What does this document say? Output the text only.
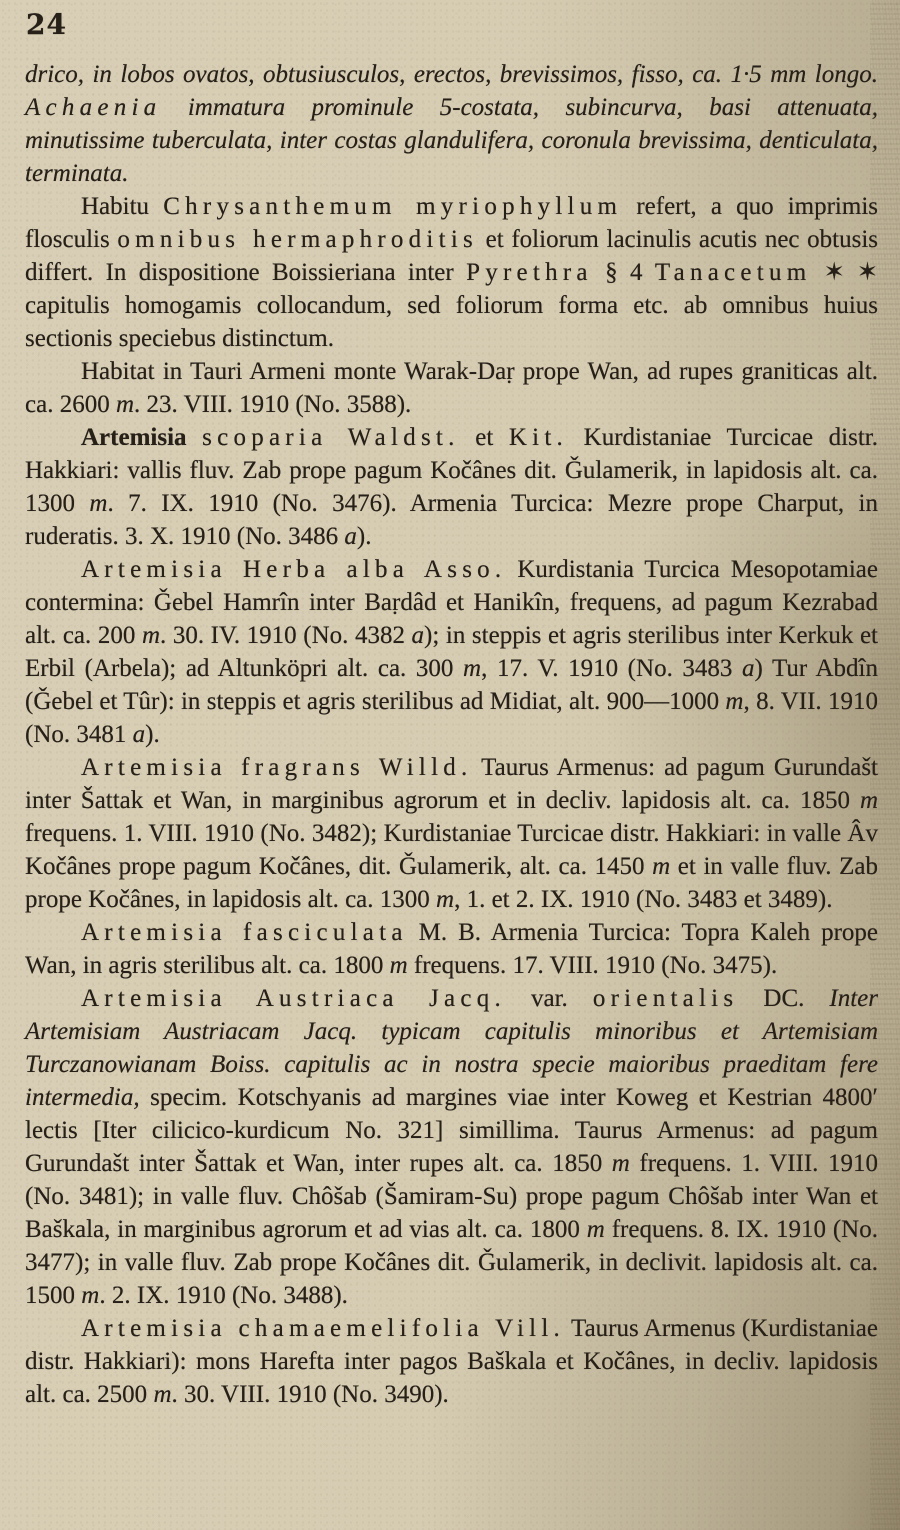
24

drico, in lobos ovatos, obtusiusculos, erectos, brevissimos, fisso, ca. 1·5 mm longo. Achaenia immatura prominule 5-costata, subincurva, basi attenuata, minutissime tuberculata, inter costas glandulifera, coronula brevissima, denticulata, terminata.

Habitu Chrysanthemum myriophyllum refert, a quo imprimis flosculis omnibus hermaphroditis et foliorum lacinulis acutis nec obtusis differt. In dispositione Boissieriana inter Pyrethra § 4 Tanacetum ✶ ✶ capitulis homogamis collocandum, sed foliorum forma etc. ab omnibus huius sectionis speciebus distinctum.

Habitat in Tauri Armeni monte Warak-Daṛ prope Wan, ad rupes graniticas alt. ca. 2600 m. 23. VIII. 1910 (No. 3588).

Artemisia scoparia Waldst. et Kit. Kurdistaniae Turcicae distr. Hakkiari: vallis fluv. Zab prope pagum Kočânes dit. Ǧulamerik, in lapidosis alt. ca. 1300 m. 7. IX. 1910 (No. 3476). Armenia Turcica: Mezre prope Charput, in ruderatis. 3. X. 1910 (No. 3486 a).

Artemisia Herba alba Asso. Kurdistania Turcica Mesopotamiae contermina: Ǧebel Hamrîn inter Baṛdâd et Hanikîn, frequens, ad pagum Kezrabad alt. ca. 200 m. 30. IV. 1910 (No. 4382 a); in steppis et agris sterilibus inter Kerkuk et Erbil (Arbela); ad Altunköpri alt. ca. 300 m, 17. V. 1910 (No. 3483 a) Tur Abdîn (Ǧebel et Tûr): in steppis et agris sterilibus ad Midiat, alt. 900—1000 m, 8. VII. 1910 (No. 3481 a).

Artemisia fragrans Willd. Taurus Armenus: ad pagum Gurundašt inter Šattak et Wan, in marginibus agrorum et in decliv. lapidosis alt. ca. 1850 m frequens. 1. VIII. 1910 (No. 3482); Kurdistaniae Turcicae distr. Hakkiari: in valle Âv Kočânes prope pagum Kočânes, dit. Ǧulamerik, alt. ca. 1450 m et in valle fluv. Zab prope Kočânes, in lapidosis alt. ca. 1300 m, 1. et 2. IX. 1910 (No. 3483 et 3489).

Artemisia fasciculata M. B. Armenia Turcica: Topra Kaleh prope Wan, in agris sterilibus alt. ca. 1800 m frequens. 17. VIII. 1910 (No. 3475).

Artemisia Austriaca Jacq. var. orientalis DC. Inter Artemisiam Austriacam Jacq. typicam capitulis minoribus et Artemisiam Turczanowianam Boiss. capitulis ac in nostra specie maioribus praeditam fere intermedia, specim. Kotschyanis ad margines viae inter Koweg et Kestrian 4800′ lectis [Iter cilicico-kurdicum No. 321] simillima. Taurus Armenus: ad pagum Gurundašt inter Šattak et Wan, inter rupes alt. ca. 1850 m frequens. 1. VIII. 1910 (No. 3481); in valle fluv. Chôšab (Šamiram-Su) prope pagum Chôšab inter Wan et Baškala, in marginibus agrorum et ad vias alt. ca. 1800 m frequens. 8. IX. 1910 (No. 3477); in valle fluv. Zab prope Kočânes dit. Ǧulamerik, in declivit. lapidosis alt. ca. 1500 m. 2. IX. 1910 (No. 3488).

Artemisia chamaemelifolia Vill. Taurus Armenus (Kurdistaniae distr. Hakkiari): mons Harefta inter pagos Baškala et Kočânes, in decliv. lapidosis alt. ca. 2500 m. 30. VIII. 1910 (No. 3490).
